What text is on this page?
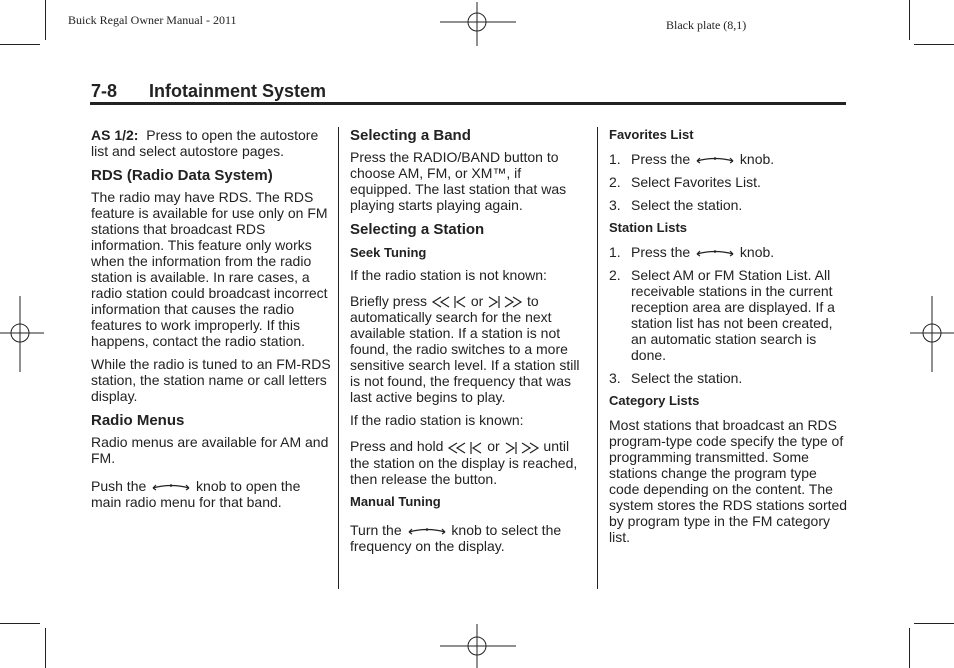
Buick Regal Owner Manual - 2011	Black plate (8,1)
7-8 Infotainment System

AS 1/2: Press to open the autostore list and select autostore pages.

RDS (Radio Data System)

The radio may have RDS. The RDS feature is available for use only on FM stations that broadcast RDS information. This feature only works when the information from the radio station is available. In rare cases, a radio station could broadcast incorrect information that causes the radio features to work improperly. If this happens, contact the radio station.

While the radio is tuned to an FM-RDS station, the station name or call letters display.

Radio Menus

Radio menus are available for AM and FM.

Push the	knob to open the main radio menu for that band.

Selecting a Band

Press the RADIO/BAND button to choose AM, FM, or XM™, if equipped. The last station that was playing starts playing again.

Selecting a Station
Seek Tuning

If the radio station is not known:

Briefly press	or	to automatically search for the next available station. If a station is not found, the radio switches to a more sensitive search level. If a station still is not found, the frequency that was last active begins to play.

If the radio station is known:

Press and hold	or	until the station on the display is reached, then release the button.

Manual Tuning

Turn the	knob to select the frequency on the display.

Favorites List
1. Press the	knob.
2. Select Favorites List.
3. Select the station.
Station Lists
1. Press the	knob.
2. Select AM or FM Station List. All receivable stations in the current reception area are displayed. If a station list has not been created, an automatic station search is done.
3. Select the station.
Category Lists

Most stations that broadcast an RDS program-type code specify the type of programming transmitted. Some stations change the program type code depending on the content. The system stores the RDS stations sorted by program type in the FM category list.
